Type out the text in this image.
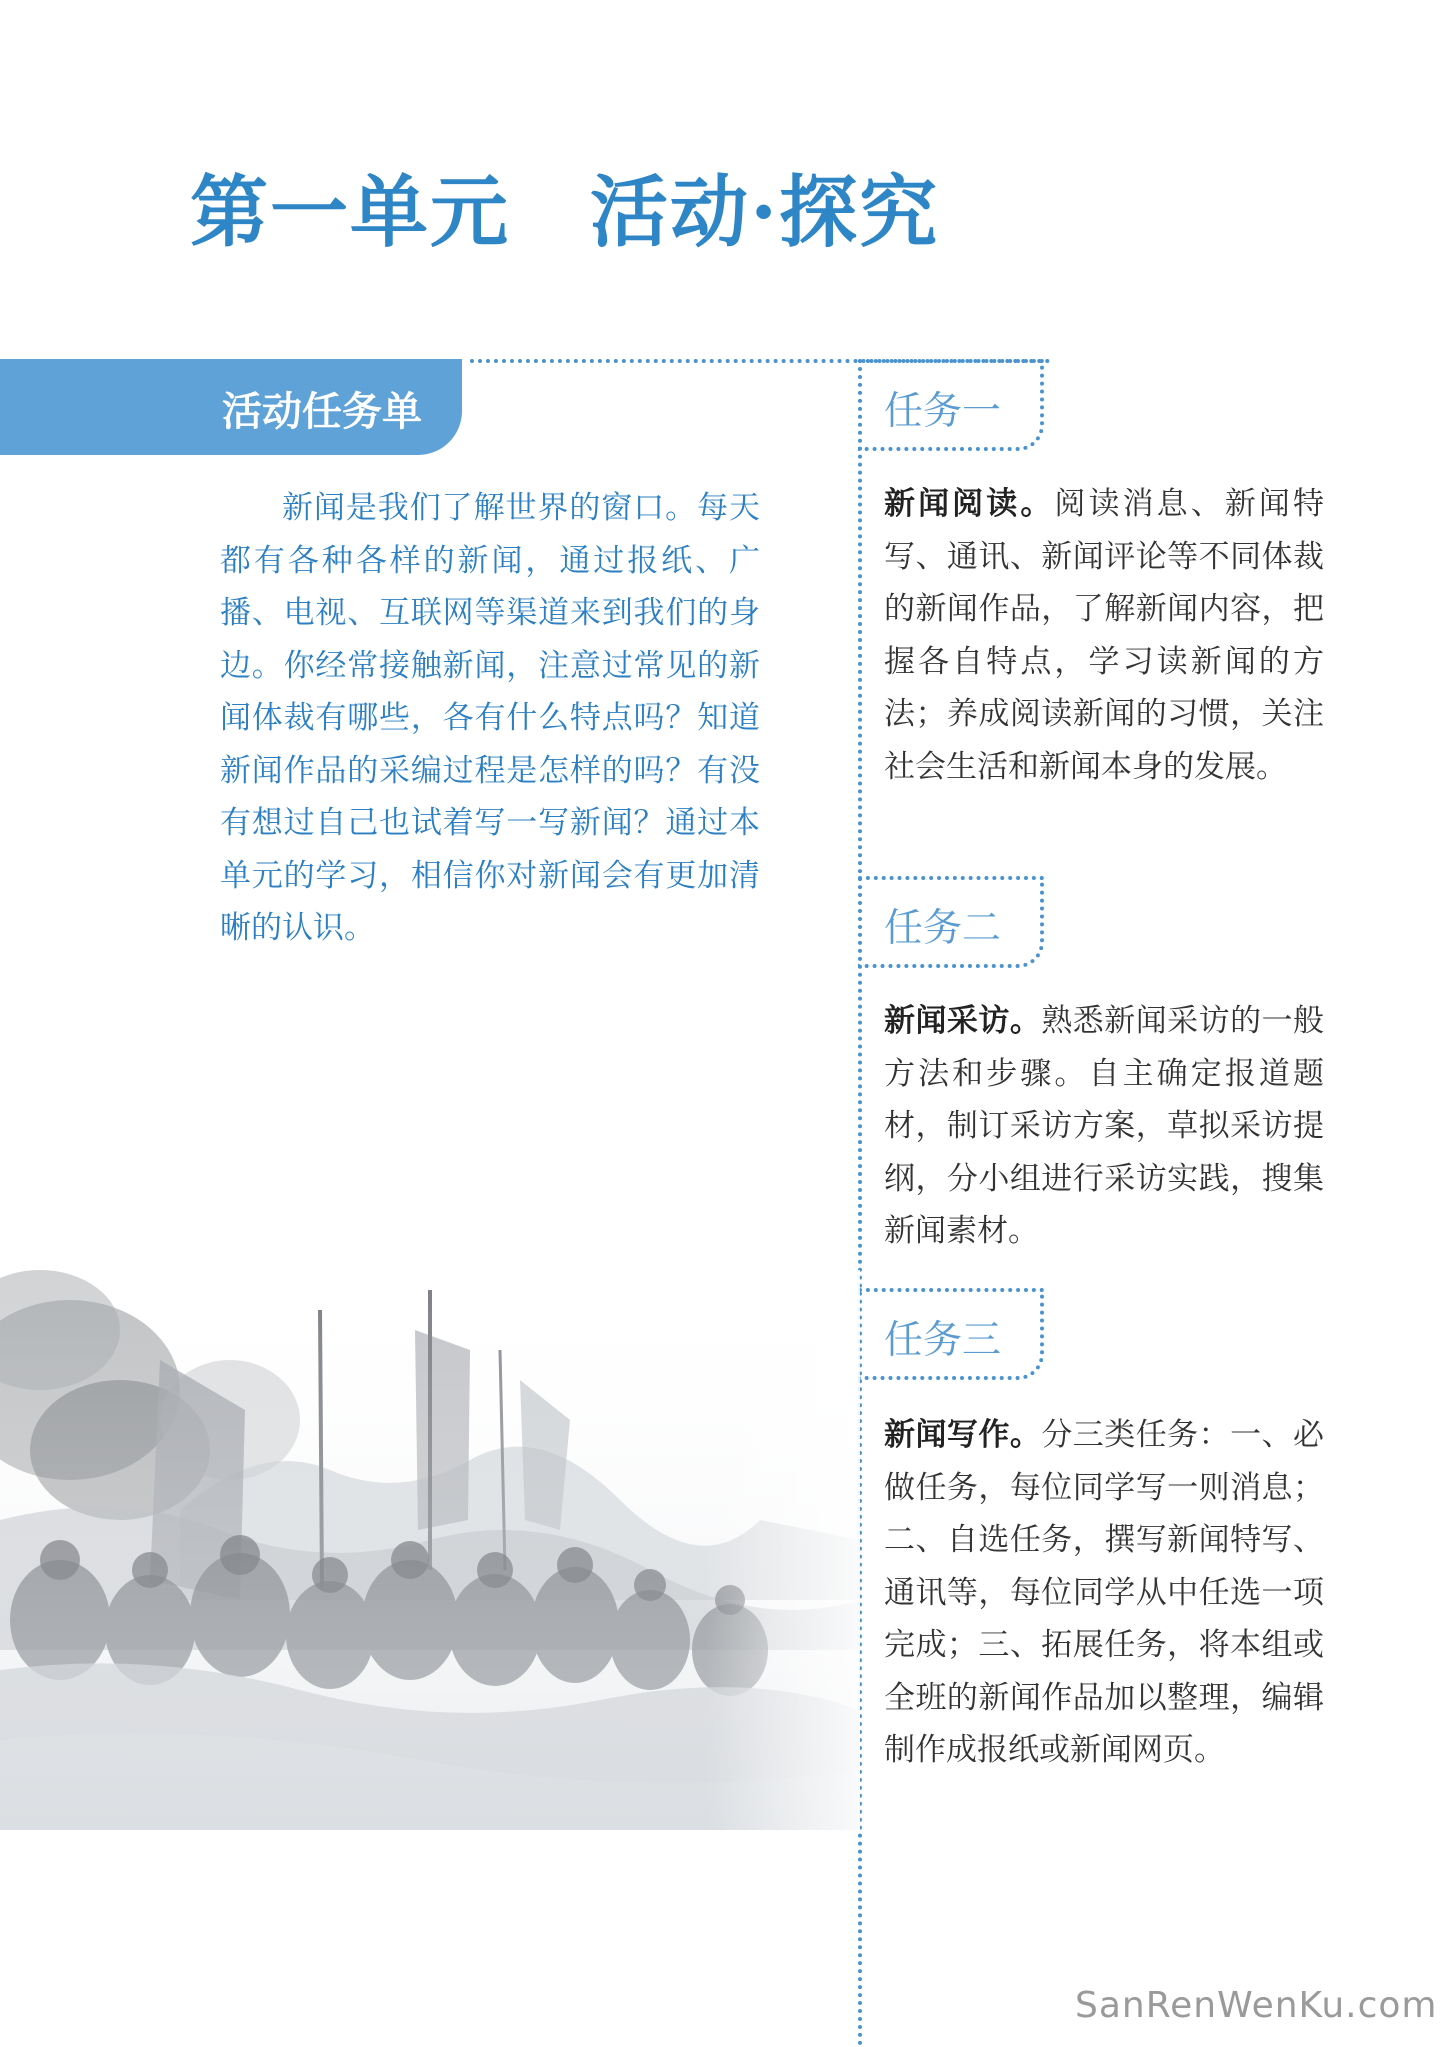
第一单元　活动·探究
活动任务单

新闻是我们了解世界的窗口。每天都有各种各样的新闻，通过报纸、广播、电视、互联网等渠道来到我们的身边。你经常接触新闻，注意过常见的新闻体裁有哪些，各有什么特点吗？知道新闻作品的采编过程是怎样的吗？有没有想过自己也试着写一写新闻？通过本单元的学习，相信你对新闻会有更加清晰的认识。

任务一

新闻阅读。阅读消息、新闻特写、通讯、新闻评论等不同体裁的新闻作品，了解新闻内容，把握各自特点，学习读新闻的方法；养成阅读新闻的习惯，关注社会生活和新闻本身的发展。

任务二

新闻采访。熟悉新闻采访的一般方法和步骤。自主确定报道题材，制订采访方案，草拟采访提纲，分小组进行采访实践，搜集新闻素材。

任务三

新闻写作。分三类任务：一、必做任务，每位同学写一则消息；二、自选任务，撰写新闻特写、通讯等，每位同学从中任选一项完成；三、拓展任务，将本组或全班的新闻作品加以整理，编辑制作成报纸或新闻网页。

SanRenWenKu.com
